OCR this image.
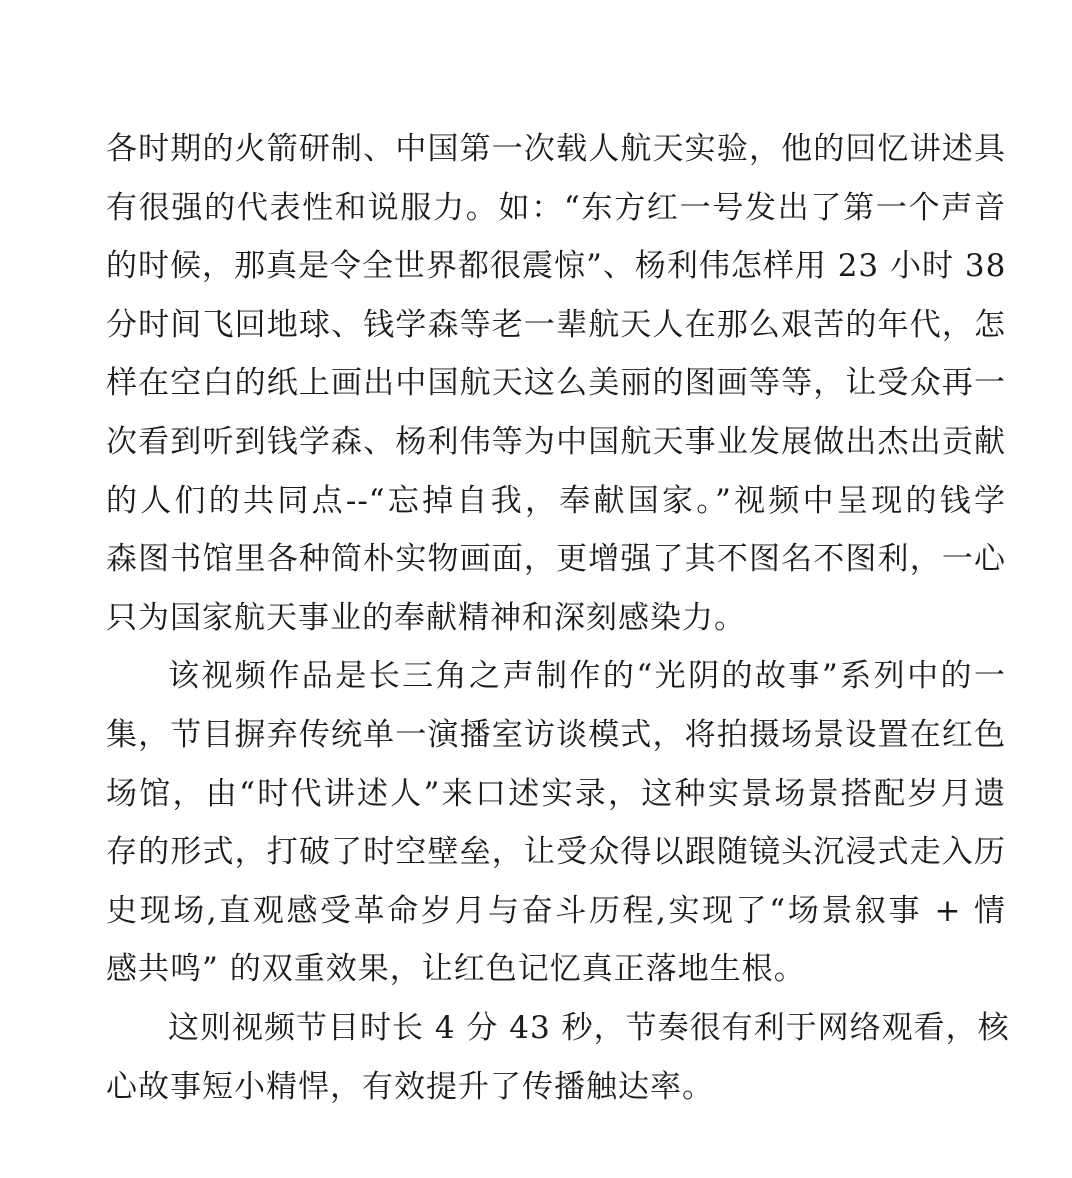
各时期的火箭研制、中国第一次载人航天实验，他的回忆讲述具
有很强的代表性和说服力。如：“东方红一号发出了第一个声音
的时候，那真是令全世界都很震惊”、杨利伟怎样用 23 小时 38
分时间飞回地球、钱学森等老一辈航天人在那么艰苦的年代，怎
样在空白的纸上画出中国航天这么美丽的图画等等，让受众再一
次看到听到钱学森、杨利伟等为中国航天事业发展做出杰出贡献
的人们的共同点--“忘掉自我，奉献国家。”视频中呈现的钱学
森图书馆里各种简朴实物画面，更增强了其不图名不图利，一心
只为国家航天事业的奉献精神和深刻感染力。
该视频作品是长三角之声制作的“光阴的故事”系列中的一
集，节目摒弃传统单一演播室访谈模式，将拍摄场景设置在红色
场馆，由“时代讲述人”来口述实录，这种实景场景搭配岁月遗
存的形式，打破了时空壁垒，让受众得以跟随镜头沉浸式走入历
史现场,直观感受革命岁月与奋斗历程,实现了“场景叙事 + 情
感共鸣” 的双重效果，让红色记忆真正落地生根。
这则视频节目时长 4 分 43 秒，节奏很有利于网络观看，核
心故事短小精悍，有效提升了传播触达率。
